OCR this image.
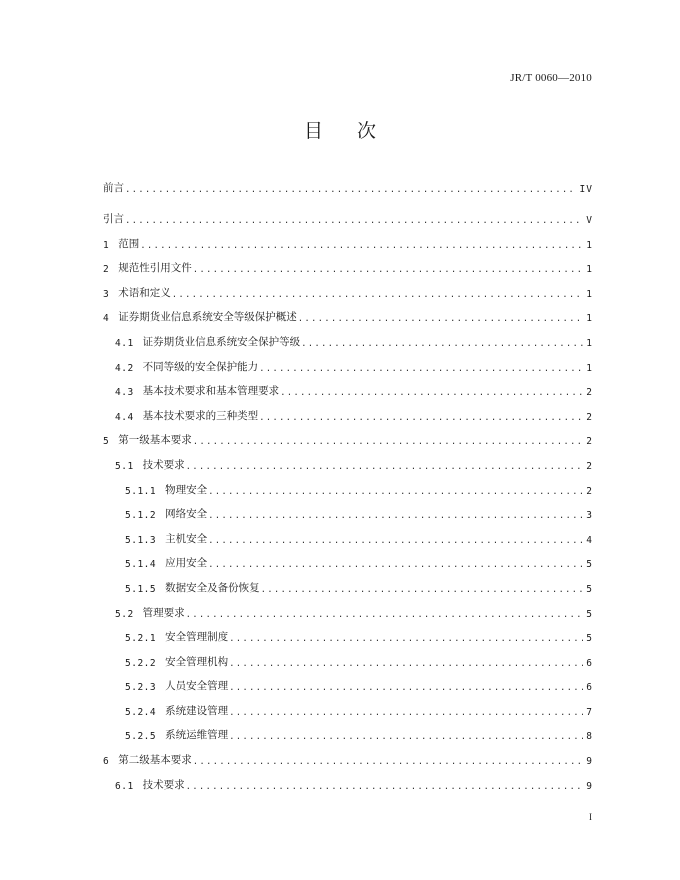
JR/T 0060—2010
目 次
前言 .....	IV
引言 .....	V
1 范围 .....	1
2 规范性引用文件 .....	1
3 术语和定义 .....	1
4 证券期货业信息系统安全等级保护概述 .....	1
4.1 证券期货业信息系统安全保护等级 .....	1
4.2 不同等级的安全保护能力 .....	1
4.3 基本技术要求和基本管理要求 .....	2
4.4 基本技术要求的三种类型 .....	2
5 第一级基本要求 .....	2
5.1 技术要求 .....	2
5.1.1 物理安全 .....	2
5.1.2 网络安全 .....	3
5.1.3 主机安全 .....	4
5.1.4 应用安全 .....	5
5.1.5 数据安全及备份恢复 .....	5
5.2 管理要求 .....	5
5.2.1 安全管理制度 .....	5
5.2.2 安全管理机构 .....	6
5.2.3 人员安全管理 .....	6
5.2.4 系统建设管理 .....	7
5.2.5 系统运维管理 .....	8
6 第二级基本要求 .....	9
6.1 技术要求 .....	9
I
